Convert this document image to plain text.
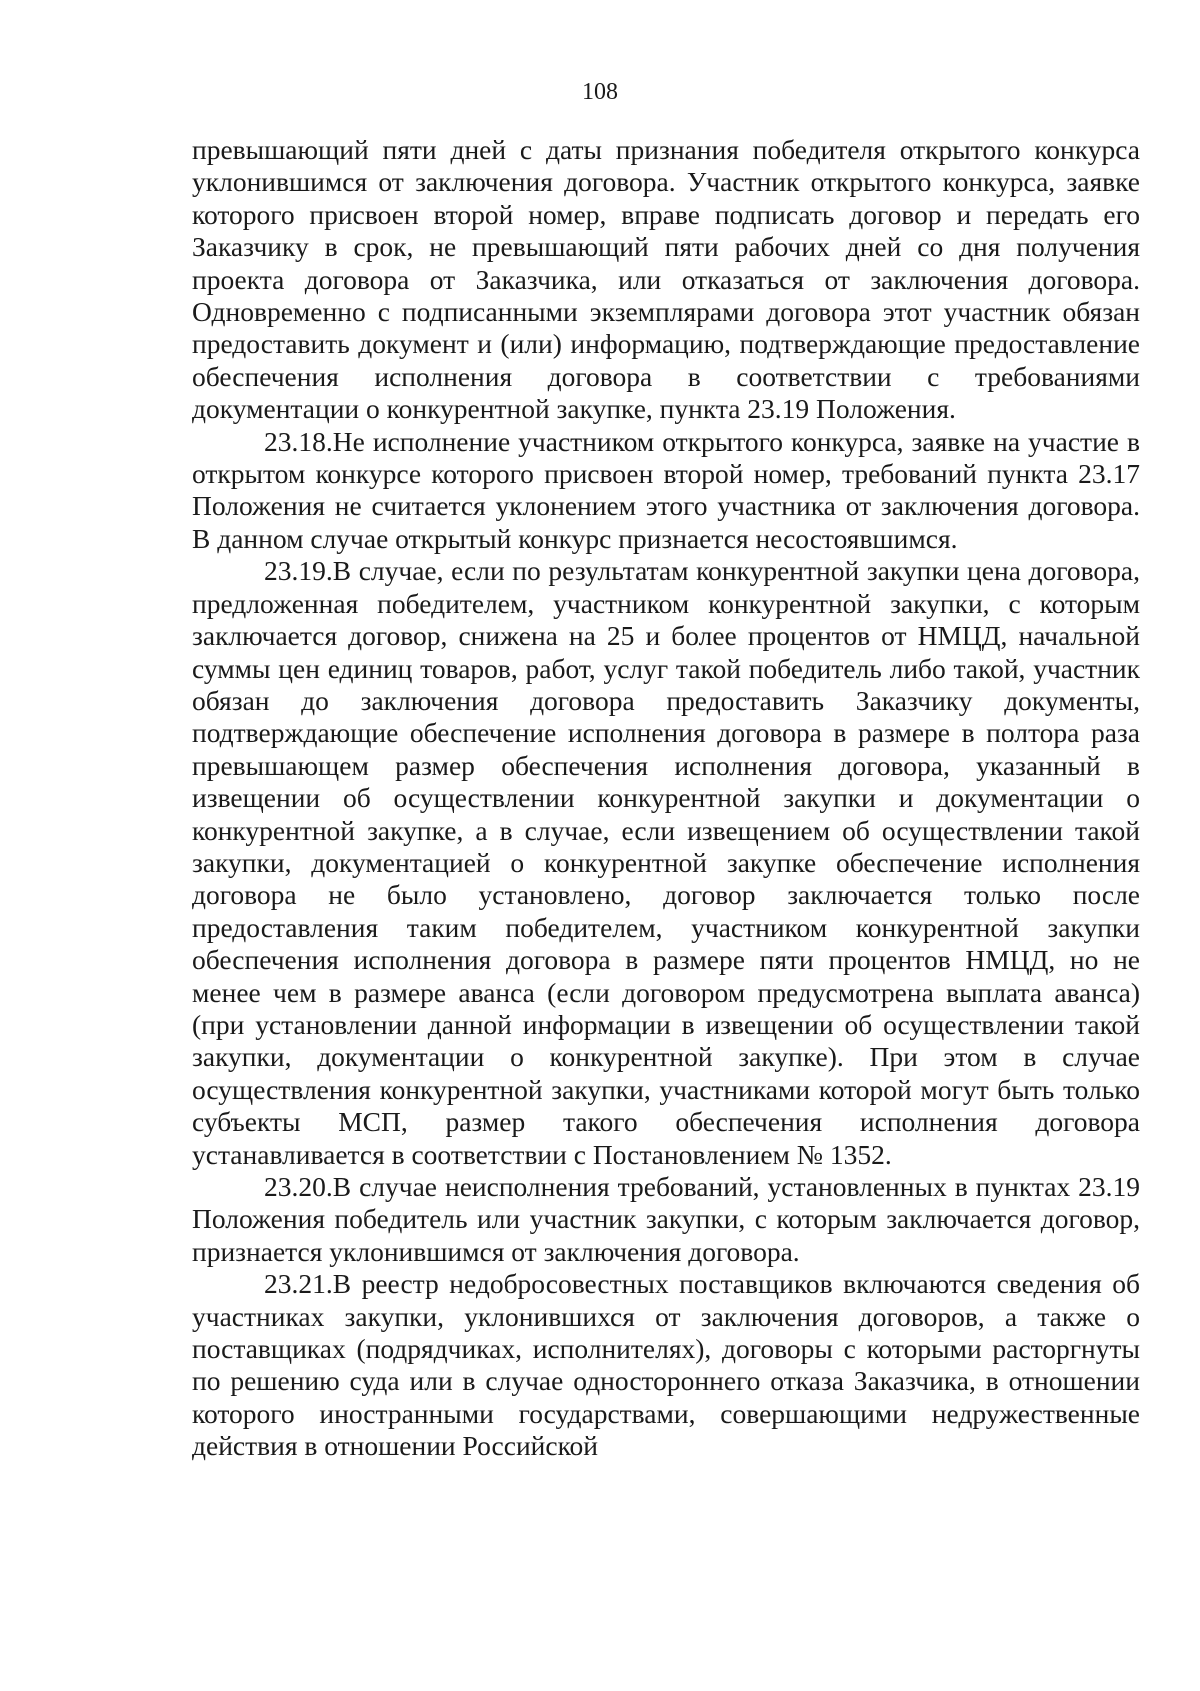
108

превышающий пяти дней с даты признания победителя открытого конкурса уклонившимся от заключения договора. Участник открытого конкурса, заявке которого присвоен второй номер, вправе подписать договор и передать его Заказчику в срок, не превышающий пяти рабочих дней со дня получения проекта договора от Заказчика, или отказаться от заключения договора. Одновременно с подписанными экземплярами договора этот участник обязан предоставить документ и (или) информацию, подтверждающие предоставление обеспечения исполнения договора в соответствии с требованиями документации о конкурентной закупке, пункта 23.19 Положения.

23.18.Не исполнение участником открытого конкурса, заявке на участие в открытом конкурсе которого присвоен второй номер, требований пункта 23.17 Положения не считается уклонением этого участника от заключения договора. В данном случае открытый конкурс признается несостоявшимся.

23.19.В случае, если по результатам конкурентной закупки цена договора, предложенная победителем, участником конкурентной закупки, с которым заключается договор, снижена на 25 и более процентов от НМЦД, начальной суммы цен единиц товаров, работ, услуг такой победитель либо такой, участник обязан до заключения договора предоставить Заказчику документы, подтверждающие обеспечение исполнения договора в размере в полтора раза превышающем размер обеспечения исполнения договора, указанный в извещении об осуществлении конкурентной закупки и документации о конкурентной закупке, а в случае, если извещением об осуществлении такой закупки, документацией о конкурентной закупке обеспечение исполнения договора не было установлено, договор заключается только после предоставления таким победителем, участником конкурентной закупки обеспечения исполнения договора в размере пяти процентов НМЦД, но не менее чем в размере аванса (если договором предусмотрена выплата аванса) (при установлении данной информации в извещении об осуществлении такой закупки, документации о конкурентной закупке). При этом в случае осуществления конкурентной закупки, участниками которой могут быть только субъекты МСП, размер такого обеспечения исполнения договора устанавливается в соответствии с Постановлением № 1352.

23.20.В случае неисполнения требований, установленных в пунктах 23.19 Положения победитель или участник закупки, с которым заключается договор, признается уклонившимся от заключения договора.

23.21.В реестр недобросовестных поставщиков включаются сведения об участниках закупки, уклонившихся от заключения договоров, а также о поставщиках (подрядчиках, исполнителях), договоры с которыми расторгнуты по решению суда или в случае одностороннего отказа Заказчика, в отношении которого иностранными государствами, совершающими недружественные действия в отношении Российской
